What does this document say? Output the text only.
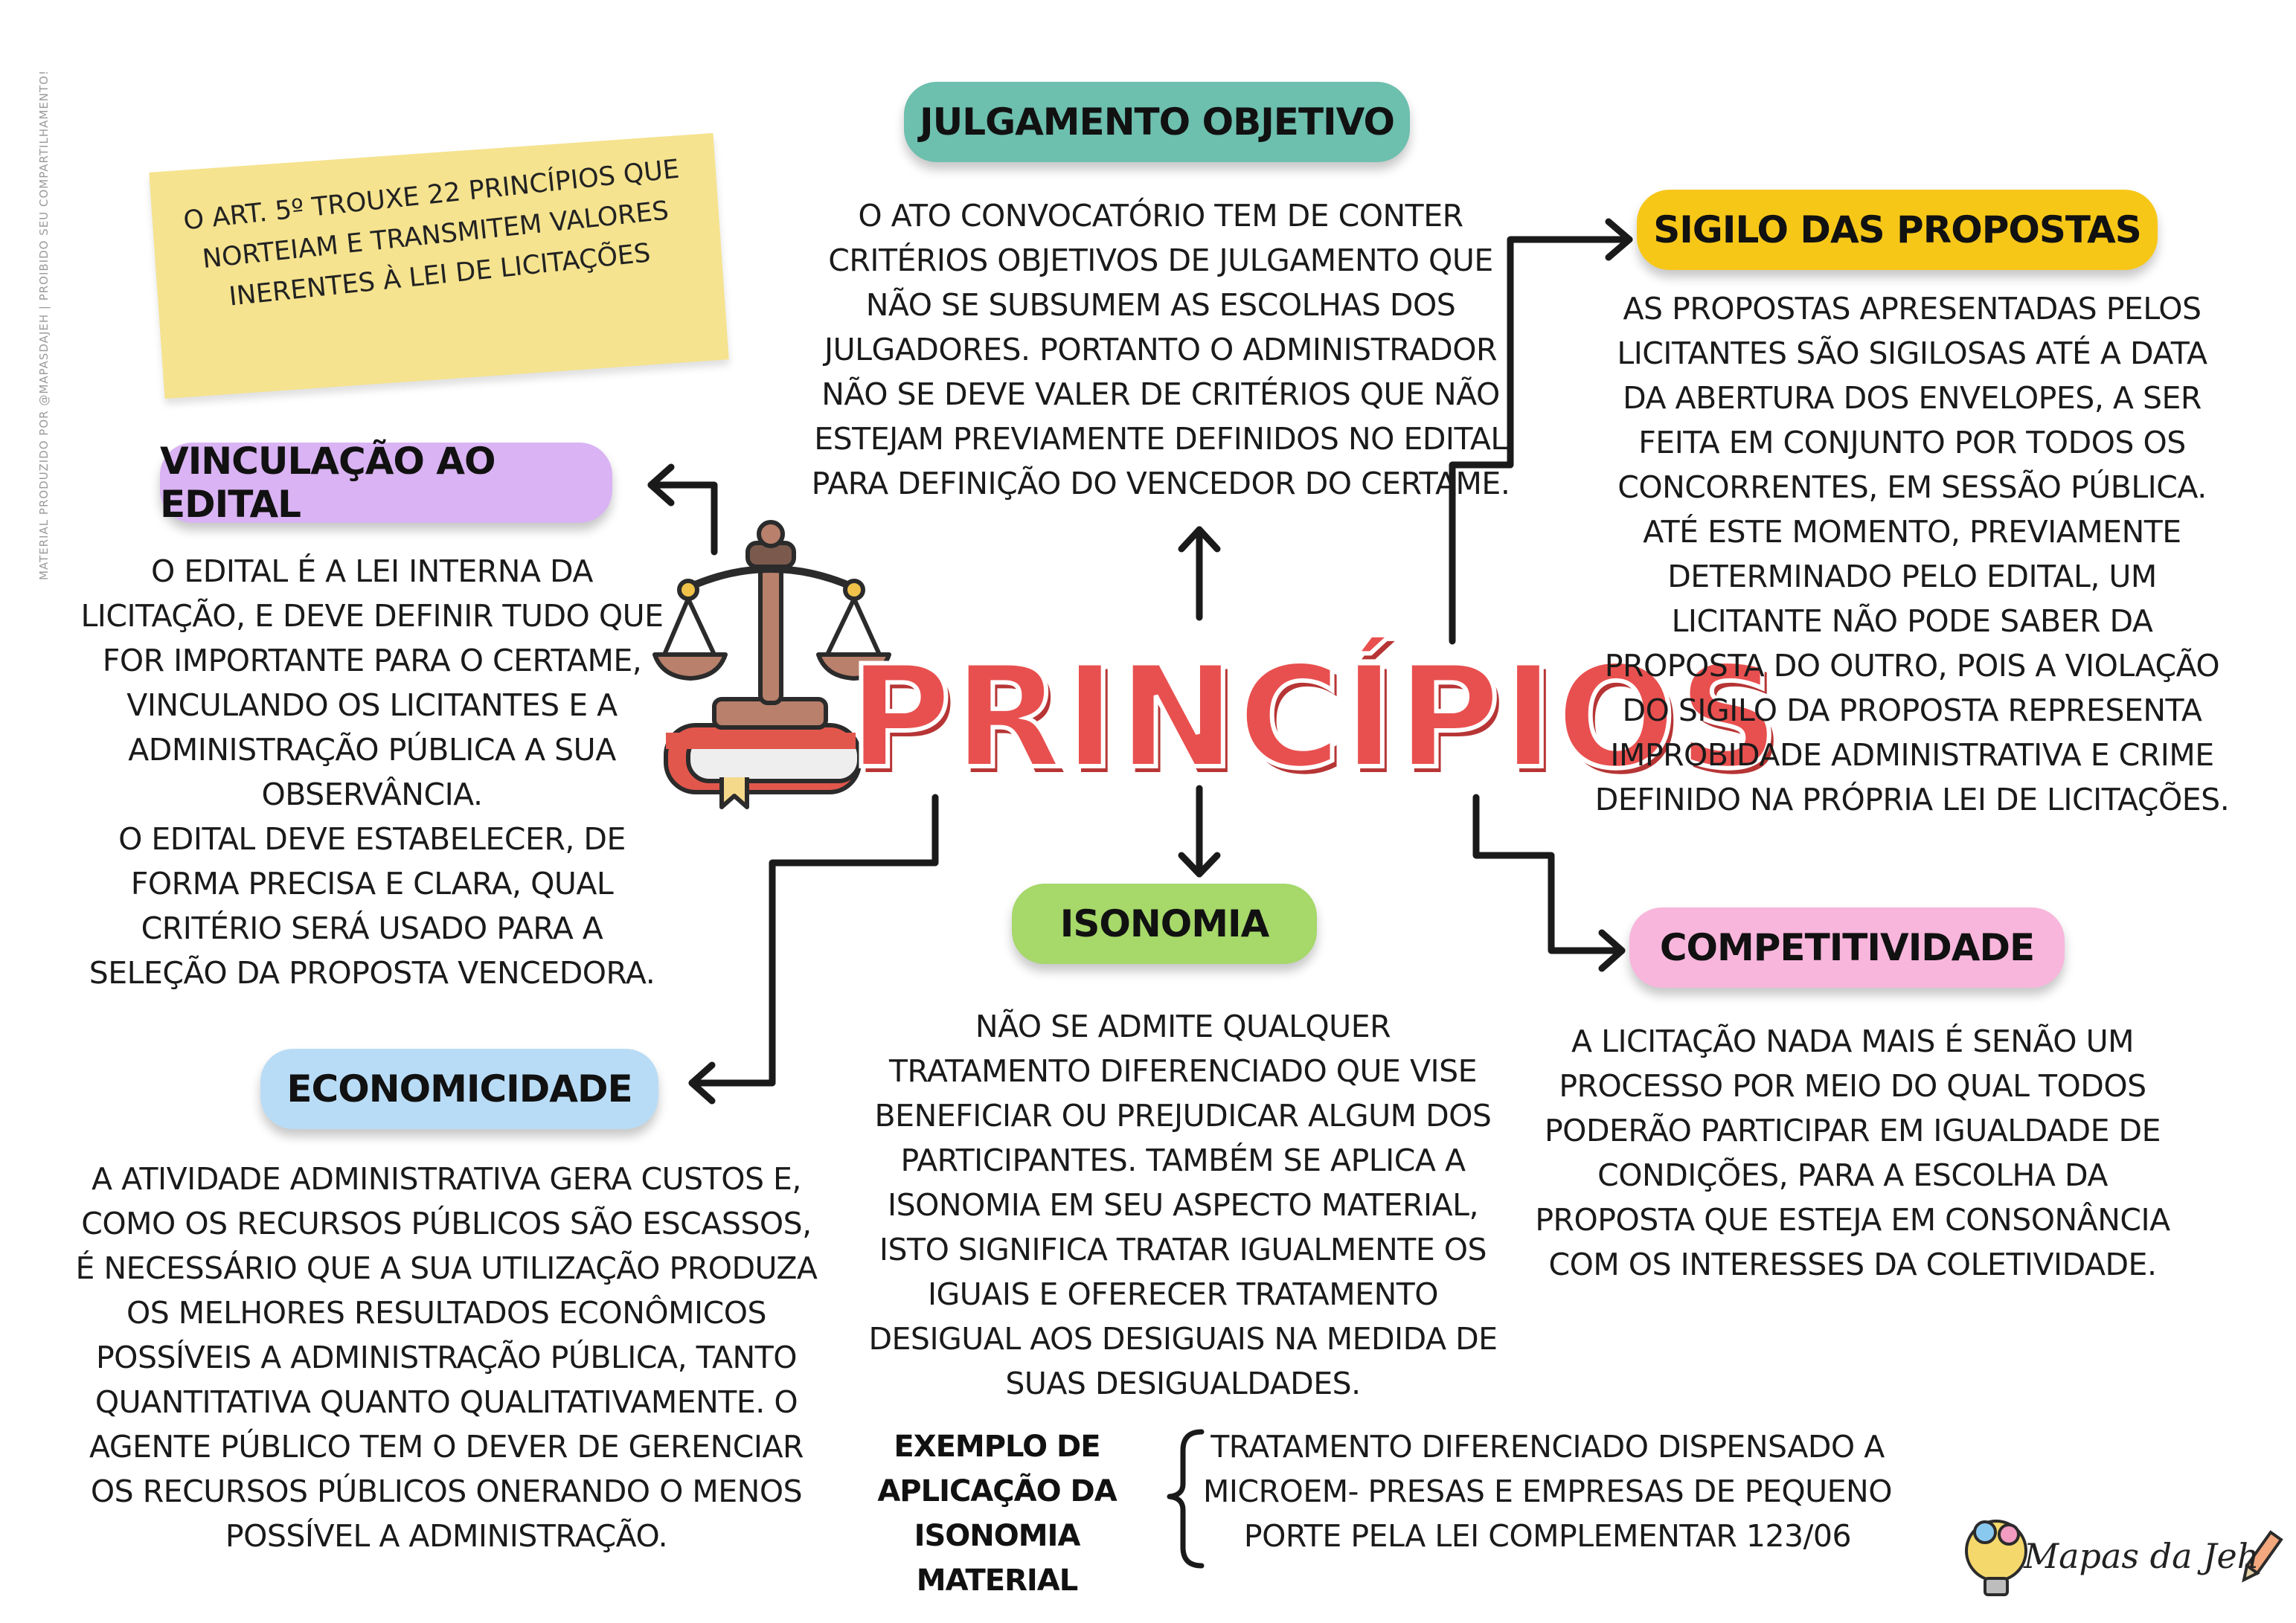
MATERIAL PRODUZIDO POR @MAPASDAJEH | PROIBIDO SEU COMPARTILHAMENTO!	O ART. 5º TROUXE 22 PRINCÍPIOS QUE
NORTEIAM E TRANSMITEM VALORES
INERENTES À LEI DE LICITAÇÕES
PRINCÍPIOS
JULGAMENTO OBJETIVO
SIGILO DAS PROPOSTAS
VINCULAÇÃO AO EDITAL
ISONOMIA
COMPETITIVIDADE
ECONOMICIDADE
O ATO CONVOCATÓRIO TEM DE CONTER
CRITÉRIOS OBJETIVOS DE JULGAMENTO QUE
NÃO SE SUBSUMEM AS ESCOLHAS DOS
JULGADORES. PORTANTO O ADMINISTRADOR
NÃO SE DEVE VALER DE CRITÉRIOS QUE NÃO
ESTEJAM PREVIAMENTE DEFINIDOS NO EDITAL
PARA DEFINIÇÃO DO VENCEDOR DO CERTAME.
AS PROPOSTAS APRESENTADAS PELOS
LICITANTES SÃO SIGILOSAS ATÉ A DATA
DA ABERTURA DOS ENVELOPES, A SER
FEITA EM CONJUNTO POR TODOS OS
CONCORRENTES, EM SESSÃO PÚBLICA.
ATÉ ESTE MOMENTO, PREVIAMENTE
DETERMINADO PELO EDITAL, UM
LICITANTE NÃO PODE SABER DA
PROPOSTA DO OUTRO, POIS A VIOLAÇÃO
DO SIGILO DA PROPOSTA REPRESENTA
IMPROBIDADE ADMINISTRATIVA E CRIME
DEFINIDO NA PRÓPRIA LEI DE LICITAÇÕES.
O EDITAL É A LEI INTERNA DA
LICITAÇÃO, E DEVE DEFINIR TUDO QUE
FOR IMPORTANTE PARA O CERTAME,
VINCULANDO OS LICITANTES E A
ADMINISTRAÇÃO PÚBLICA A SUA
OBSERVÂNCIA.
O EDITAL DEVE ESTABELECER, DE
FORMA PRECISA E CLARA, QUAL
CRITÉRIO SERÁ USADO PARA A
SELEÇÃO DA PROPOSTA VENCEDORA.
NÃO SE ADMITE QUALQUER
TRATAMENTO DIFERENCIADO QUE VISE
BENEFICIAR OU PREJUDICAR ALGUM DOS
PARTICIPANTES. TAMBÉM SE APLICA A
ISONOMIA EM SEU ASPECTO MATERIAL,
ISTO SIGNIFICA TRATAR IGUALMENTE OS
IGUAIS E OFERECER TRATAMENTO
DESIGUAL AOS DESIGUAIS NA MEDIDA DE
SUAS DESIGUALDADES.
A LICITAÇÃO NADA MAIS É SENÃO UM
PROCESSO POR MEIO DO QUAL TODOS
PODERÃO PARTICIPAR EM IGUALDADE DE
CONDIÇÕES, PARA A ESCOLHA DA
PROPOSTA QUE ESTEJA EM CONSONÂNCIA
COM OS INTERESSES DA COLETIVIDADE.
A ATIVIDADE ADMINISTRATIVA GERA CUSTOS E,
COMO OS RECURSOS PÚBLICOS SÃO ESCASSOS,
É NECESSÁRIO QUE A SUA UTILIZAÇÃO PRODUZA
OS MELHORES RESULTADOS ECONÔMICOS
POSSÍVEIS A ADMINISTRAÇÃO PÚBLICA, TANTO
QUANTITATIVA QUANTO QUALITATIVAMENTE. O
AGENTE PÚBLICO TEM O DEVER DE GERENCIAR
OS RECURSOS PÚBLICOS ONERANDO O MENOS
POSSÍVEL A ADMINISTRAÇÃO.
EXEMPLO DE
APLICAÇÃO DA
ISONOMIA MATERIAL
TRATAMENTO DIFERENCIADO DISPENSADO A
MICROEM- PRESAS E EMPRESAS DE PEQUENO
PORTE PELA LEI COMPLEMENTAR 123/06	Mapas da Jeh
